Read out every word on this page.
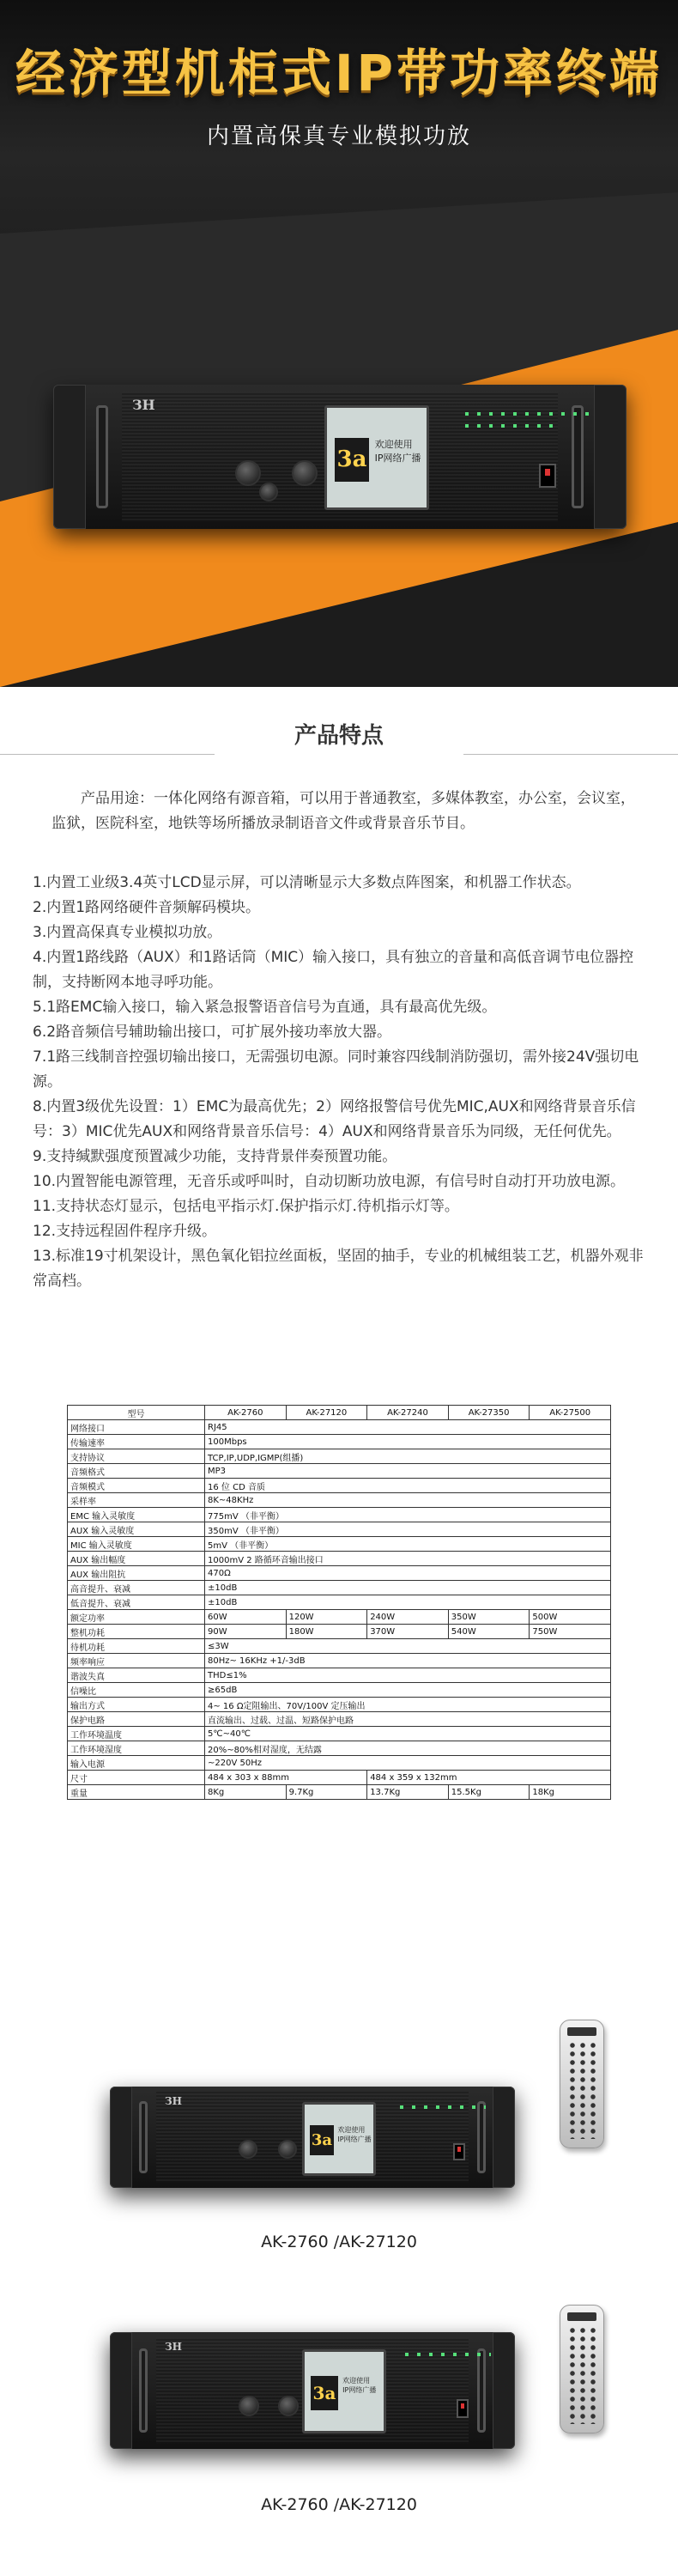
经济型机柜式IP带功率终端
内置高保真专业模拟功放
ЗН
3a
欢迎使用
IP网络广播
产品特点

产品用途：一体化网络有源音箱，可以用于普通教室，多媒体教室，办公室，会议室，监狱，医院科室，地铁等场所播放录制语音文件或背景音乐节目。

1.内置工业级3.4英寸LCD显示屏，可以清晰显示大多数点阵图案，和机器工作状态。
2.内置1路网络硬件音频解码模块。
3.内置高保真专业模拟功放。
4.内置1路线路（AUX）和1路话筒（MIC）输入接口，具有独立的音量和高低音调节电位器控制，支持断网本地寻呼功能。
5.1路EMC输入接口，输入紧急报警语音信号为直通，具有最高优先级。
6.2路音频信号辅助输出接口，可扩展外接功率放大器。
7.1路三线制音控强切输出接口，无需强切电源。同时兼容四线制消防强切，需外接24V强切电源。
8.内置3级优先设置：1）EMC为最高优先；2）网络报警信号优先MIC,AUX和网络背景音乐信号：3）MIC优先AUX和网络背景音乐信号：4）AUX和网络背景音乐为同级，无任何优先。
9.支持缄默强度预置减少功能，支持背景伴奏预置功能。
10.内置智能电源管理，无音乐或呼叫时，自动切断功放电源，有信号时自动打开功放电源。
11.支持状态灯显示，包括电平指示灯.保护指示灯.待机指示灯等。
12.支持远程固件程序升级。
13.标准19寸机架设计，黑色氧化铝拉丝面板，坚固的抽手，专业的机械组装工艺，机器外观非常高档。
型号	AK-2760	AK-27120	AK-27240	AK-27350	AK-27500
网络接口	RJ45				
传输速率	100Mbps				
支持协议	TCP,IP,UDP,IGMP(组播)				
音频格式	MP3				
音频模式	16 位 CD 音质				
采样率	8K~48KHz				
EMC 输入灵敏度	775mV （非平衡）				
AUX 输入灵敏度	350mV （非平衡）				
MIC 输入灵敏度	5mV （非平衡）				
AUX 输出幅度	1000mV 2 路循环音输出接口				
AUX 输出阻抗	470Ω				
高音提升、衰减	±10dB				
低音提升、衰减	±10dB				
额定功率	60W	120W	240W	350W	500W
整机功耗	90W	180W	370W	540W	750W
待机功耗	≤3W				
频率响应	80Hz~ 16KHz +1/-3dB				
谐波失真	THD≤1%				
信噪比	≥65dB				
输出方式	4~ 16 Ω定阻输出、70V/100V 定压输出				
保护电路	直流输出、过载、过温、短路保护电路				
工作环境温度	5℃~40℃				
工作环境湿度	20%~80%相对湿度，无结露				
输入电源	~220V 50Hz				
尺寸	484 x 303 x 88mm		484 x 359 x 132mm		
重量	8Kg	9.7Kg	13.7Kg	15.5Kg	18Kg
ЗН
3a
欢迎使用
IP网络广播
AK-2760 /AK-27120
ЗН
3a
欢迎使用
IP网络广播
AK-2760 /AK-27120
